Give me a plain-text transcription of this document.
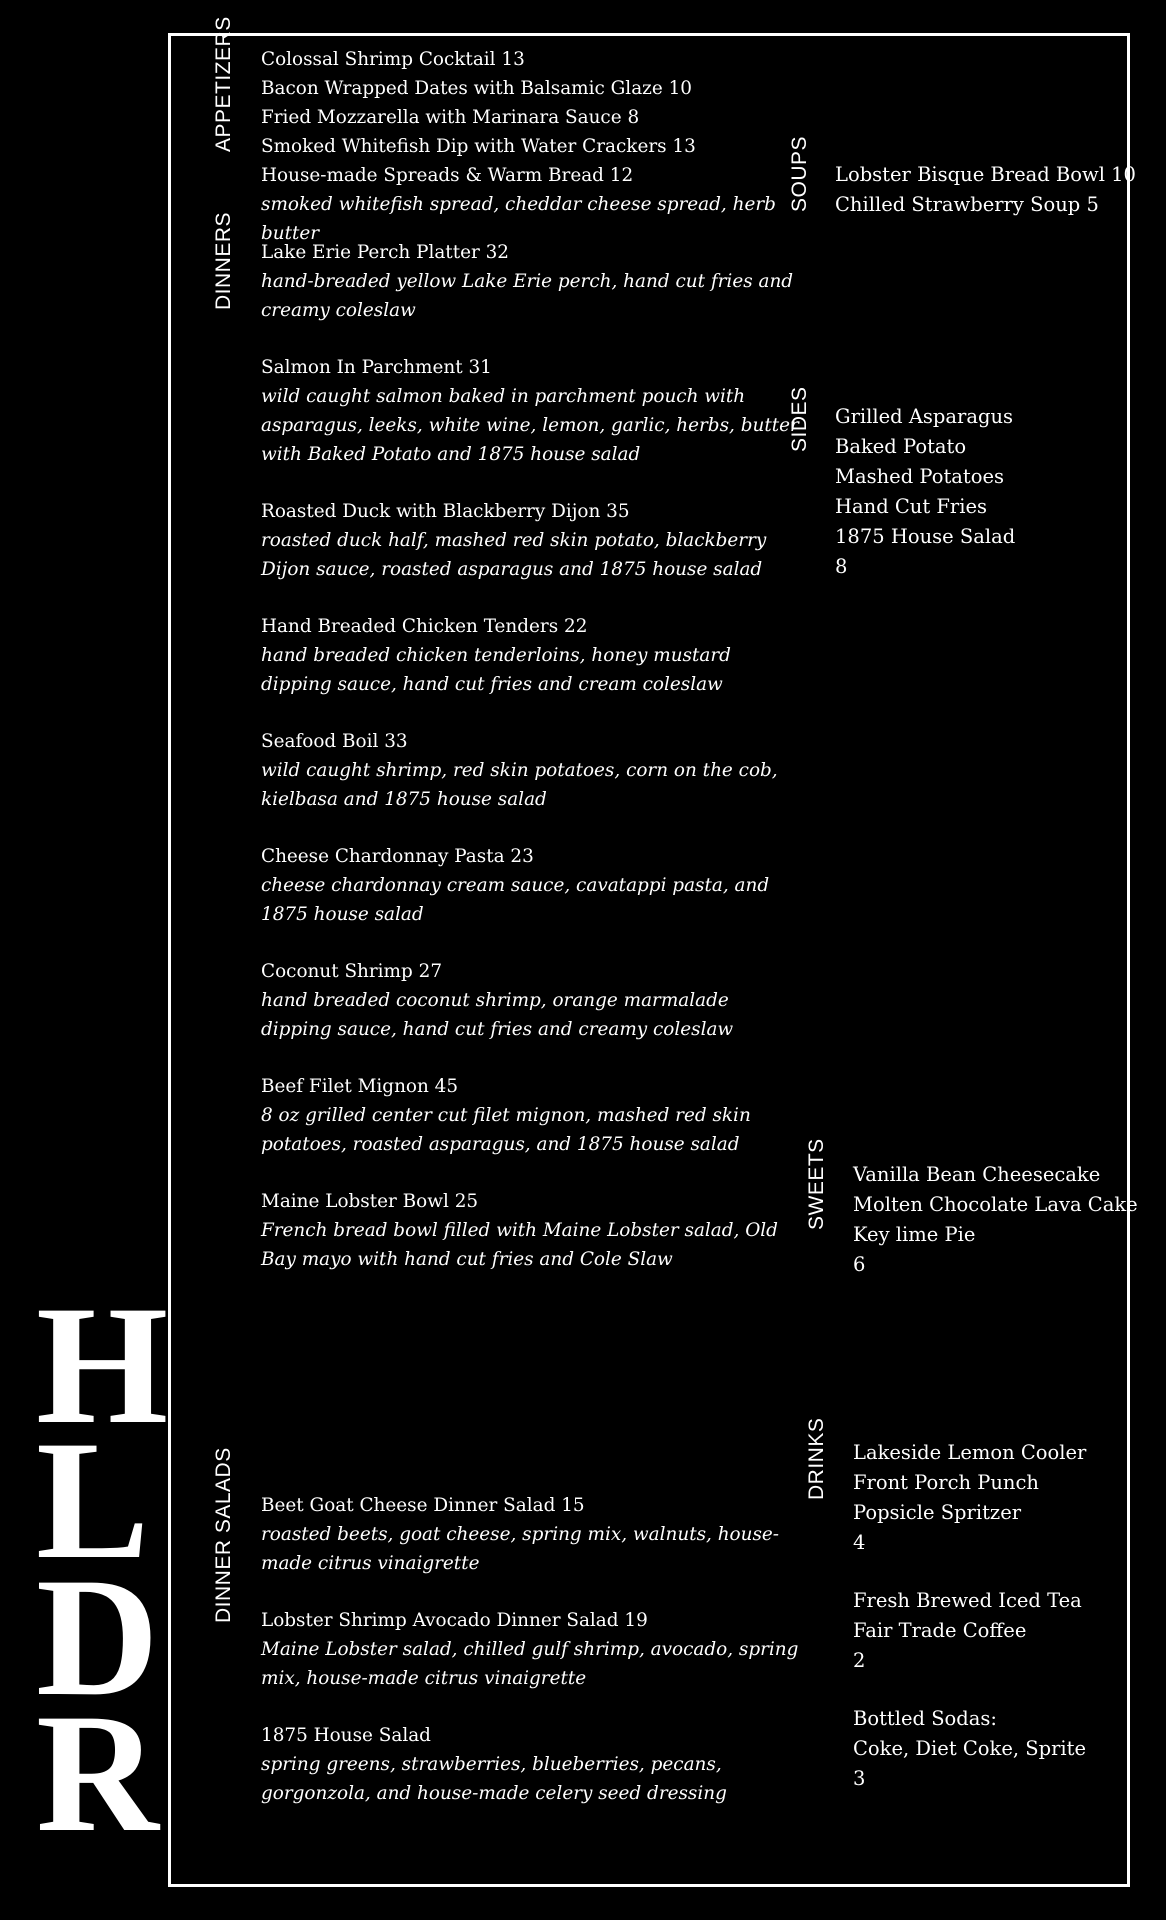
H
L
D
R
APPETIZERS
DINNERS
DINNER SALADS
SOUPS
SIDES
SWEETS
DRINKS
Colossal Shrimp Cocktail 13
Bacon Wrapped Dates with Balsamic Glaze 10
Fried Mozzarella with Marinara Sauce 8
Smoked Whitefish Dip with Water Crackers 13
House-made Spreads & Warm Bread 12
smoked whitefish spread, cheddar cheese spread, herb butter
Lake Erie Perch Platter 32
hand-breaded yellow Lake Erie perch, hand cut fries and creamy coleslaw
Salmon In Parchment 31
wild caught salmon baked in parchment pouch with asparagus, leeks, white wine, lemon, garlic, herbs, butter with Baked Potato and 1875 house salad
Roasted Duck with Blackberry Dijon 35
roasted duck half, mashed red skin potato, blackberry Dijon sauce, roasted asparagus and 1875 house salad
Hand Breaded Chicken Tenders 22
hand breaded chicken tenderloins, honey mustard dipping sauce, hand cut fries and cream coleslaw
Seafood Boil 33
wild caught shrimp, red skin potatoes, corn on the cob, kielbasa and 1875 house salad
Cheese Chardonnay Pasta 23
cheese chardonnay cream sauce, cavatappi pasta, and 1875 house salad
Coconut Shrimp 27
hand breaded coconut shrimp, orange marmalade dipping sauce, hand cut fries and creamy coleslaw
Beef Filet Mignon 45
8 oz grilled center cut filet mignon, mashed red skin potatoes, roasted asparagus, and 1875 house salad
Maine Lobster Bowl 25
French bread bowl filled with Maine Lobster salad, Old Bay mayo with hand cut fries and Cole Slaw
Beet Goat Cheese Dinner Salad 15
roasted beets, goat cheese, spring mix, walnuts, house-made citrus vinaigrette
Lobster Shrimp Avocado Dinner Salad 19
Maine Lobster salad, chilled gulf shrimp, avocado, spring mix, house-made citrus vinaigrette
1875 House Salad
spring greens, strawberries, blueberries, pecans, gorgonzola, and house-made celery seed dressing
Lobster Bisque Bread Bowl 10
Chilled Strawberry Soup 5
Grilled Asparagus
Baked Potato
Mashed Potatoes
Hand Cut Fries
1875 House Salad
8
Vanilla Bean Cheesecake
Molten Chocolate Lava Cake
Key lime Pie
6
Lakeside Lemon Cooler
Front Porch Punch
Popsicle Spritzer
4
Fresh Brewed Iced Tea
Fair Trade Coffee
2
Bottled Sodas:
Coke, Diet Coke, Sprite
3
